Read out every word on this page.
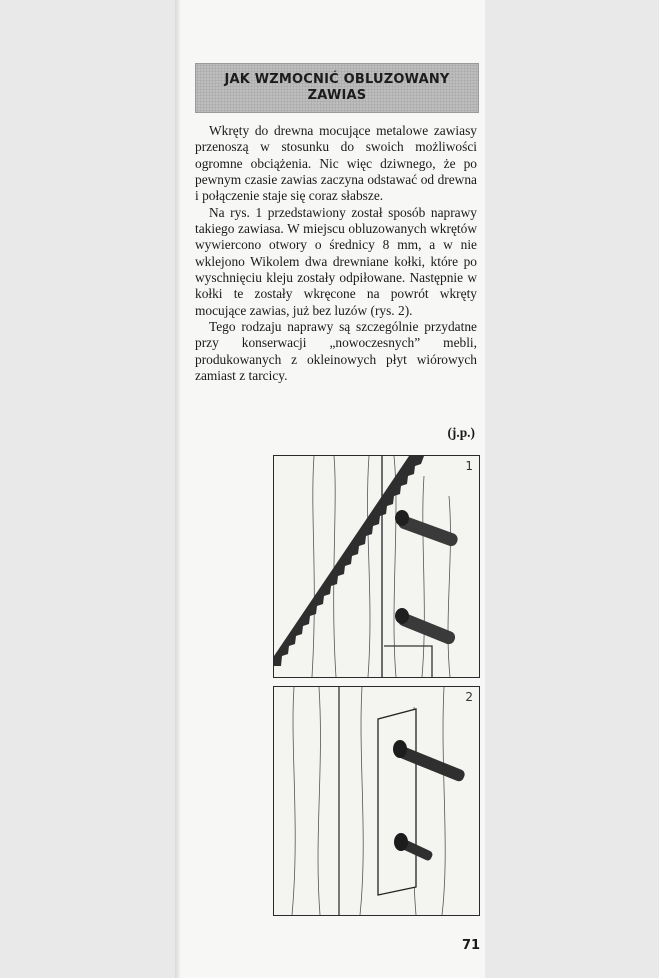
JAK WZMOCNIĆ OBLUZOWANY ZAWIAS

Wkręty do drewna mocujące metalowe zawiasy przenoszą w stosunku do swoich możliwości ogromne obciążenia. Nic więc dziwnego, że po pewnym czasie zawias zaczyna odstawać od drewna i połączenie staje się coraz słabsze.

Na rys. 1 przedstawiony został sposób naprawy takiego zawiasa. W miejscu obluzowanych wkrętów wywiercono otwory o średnicy 8 mm, a w nie wklejono Wikolem dwa drewniane kołki, które po wyschnięciu kleju zostały odpiłowane. Następnie w kołki te zostały wkręcone na powrót wkręty mocujące zawias, już bez luzów (rys. 2).

Tego rodzaju naprawy są szczególnie przydatne przy konserwacji „nowoczesnych” mebli, produkowanych z okleinowych płyt wiórowych zamiast z tarcicy.

(j.p.)
1
2
71
